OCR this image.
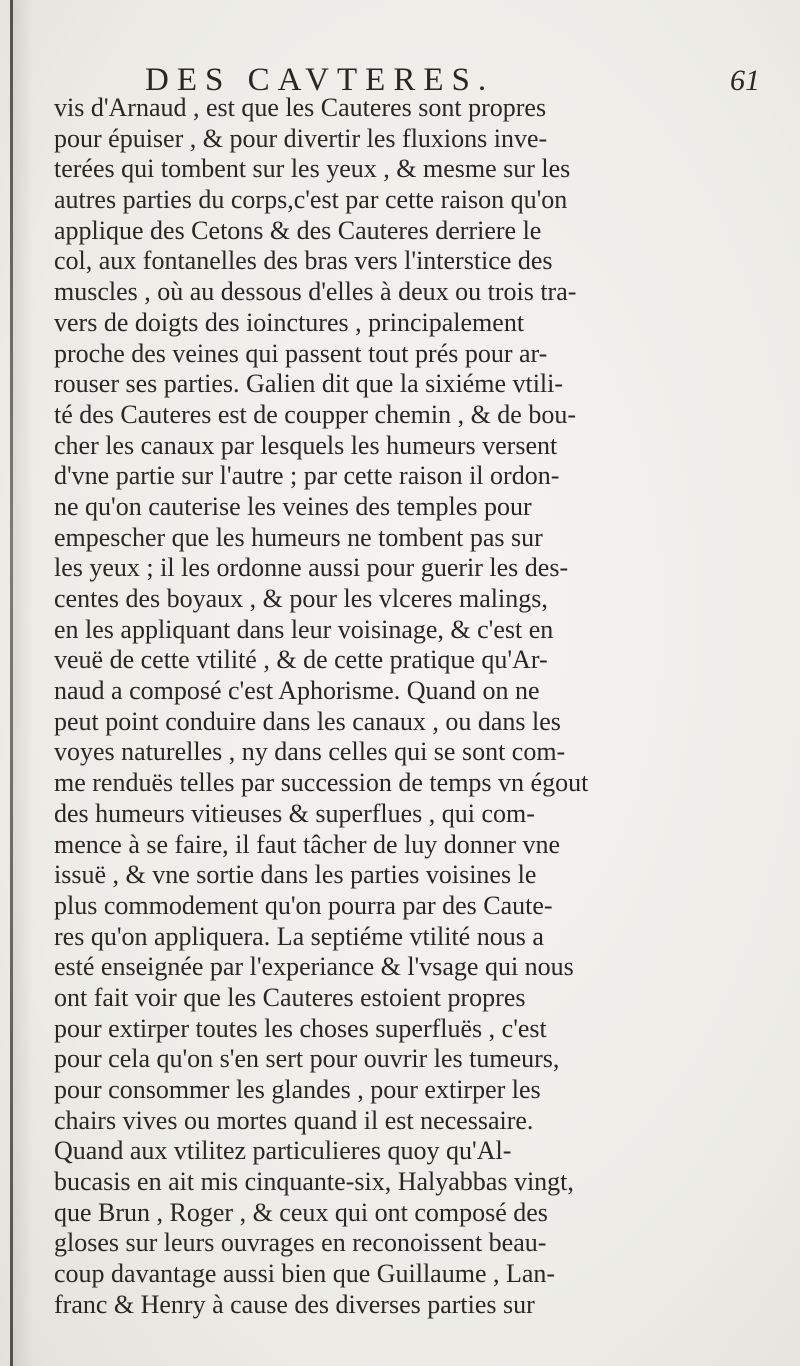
DES CAVTERES.	61
vis d'Arnaud , est que les Cauteres sont propres
pour épuiser , & pour divertir les fluxions inve-
terées qui tombent sur les yeux , & mesme sur les
autres parties du corps,c'est par cette raison qu'on
applique des Cetons & des Cauteres derriere le
col, aux fontanelles des bras vers l'interstice des
muscles , où au dessous d'elles à deux ou trois tra-
vers de doigts des ioinctures , principalement
proche des veines qui passent tout prés pour ar-
rouser ses parties. Galien dit que la sixiéme vtili-
té des Cauteres est de coupper chemin , & de bou-
cher les canaux par lesquels les humeurs versent
d'vne partie sur l'autre ; par cette raison il ordon-
ne qu'on cauterise les veines des temples pour
empescher que les humeurs ne tombent pas sur
les yeux ; il les ordonne aussi pour guerir les des-
centes des boyaux , & pour les vlceres malings,
en les appliquant dans leur voisinage, & c'est en
veuë de cette vtilité , & de cette pratique qu'Ar-
naud a composé c'est Aphorisme. Quand on ne
peut point conduire dans les canaux , ou dans les
voyes naturelles , ny dans celles qui se sont com-
me renduës telles par succession de temps vn égout
des humeurs vitieuses & superflues , qui com-
mence à se faire, il faut tâcher de luy donner vne
issuë , & vne sortie dans les parties voisines le
plus commodement qu'on pourra par des Caute-
res qu'on appliquera. La septiéme vtilité nous a
esté enseignée par l'experiance & l'vsage qui nous
ont fait voir que les Cauteres estoient propres
pour extirper toutes les choses superfluës , c'est
pour cela qu'on s'en sert pour ouvrir les tumeurs,
pour consommer les glandes , pour extirper les
chairs vives ou mortes quand il est necessaire.
Quand aux vtilitez particulieres quoy qu'Al-
bucasis en ait mis cinquante-six, Halyabbas vingt,
que Brun , Roger , & ceux qui ont composé des
gloses sur leurs ouvrages en reconoissent beau-
coup davantage aussi bien que Guillaume , Lan-
franc & Henry à cause des diverses parties sur
